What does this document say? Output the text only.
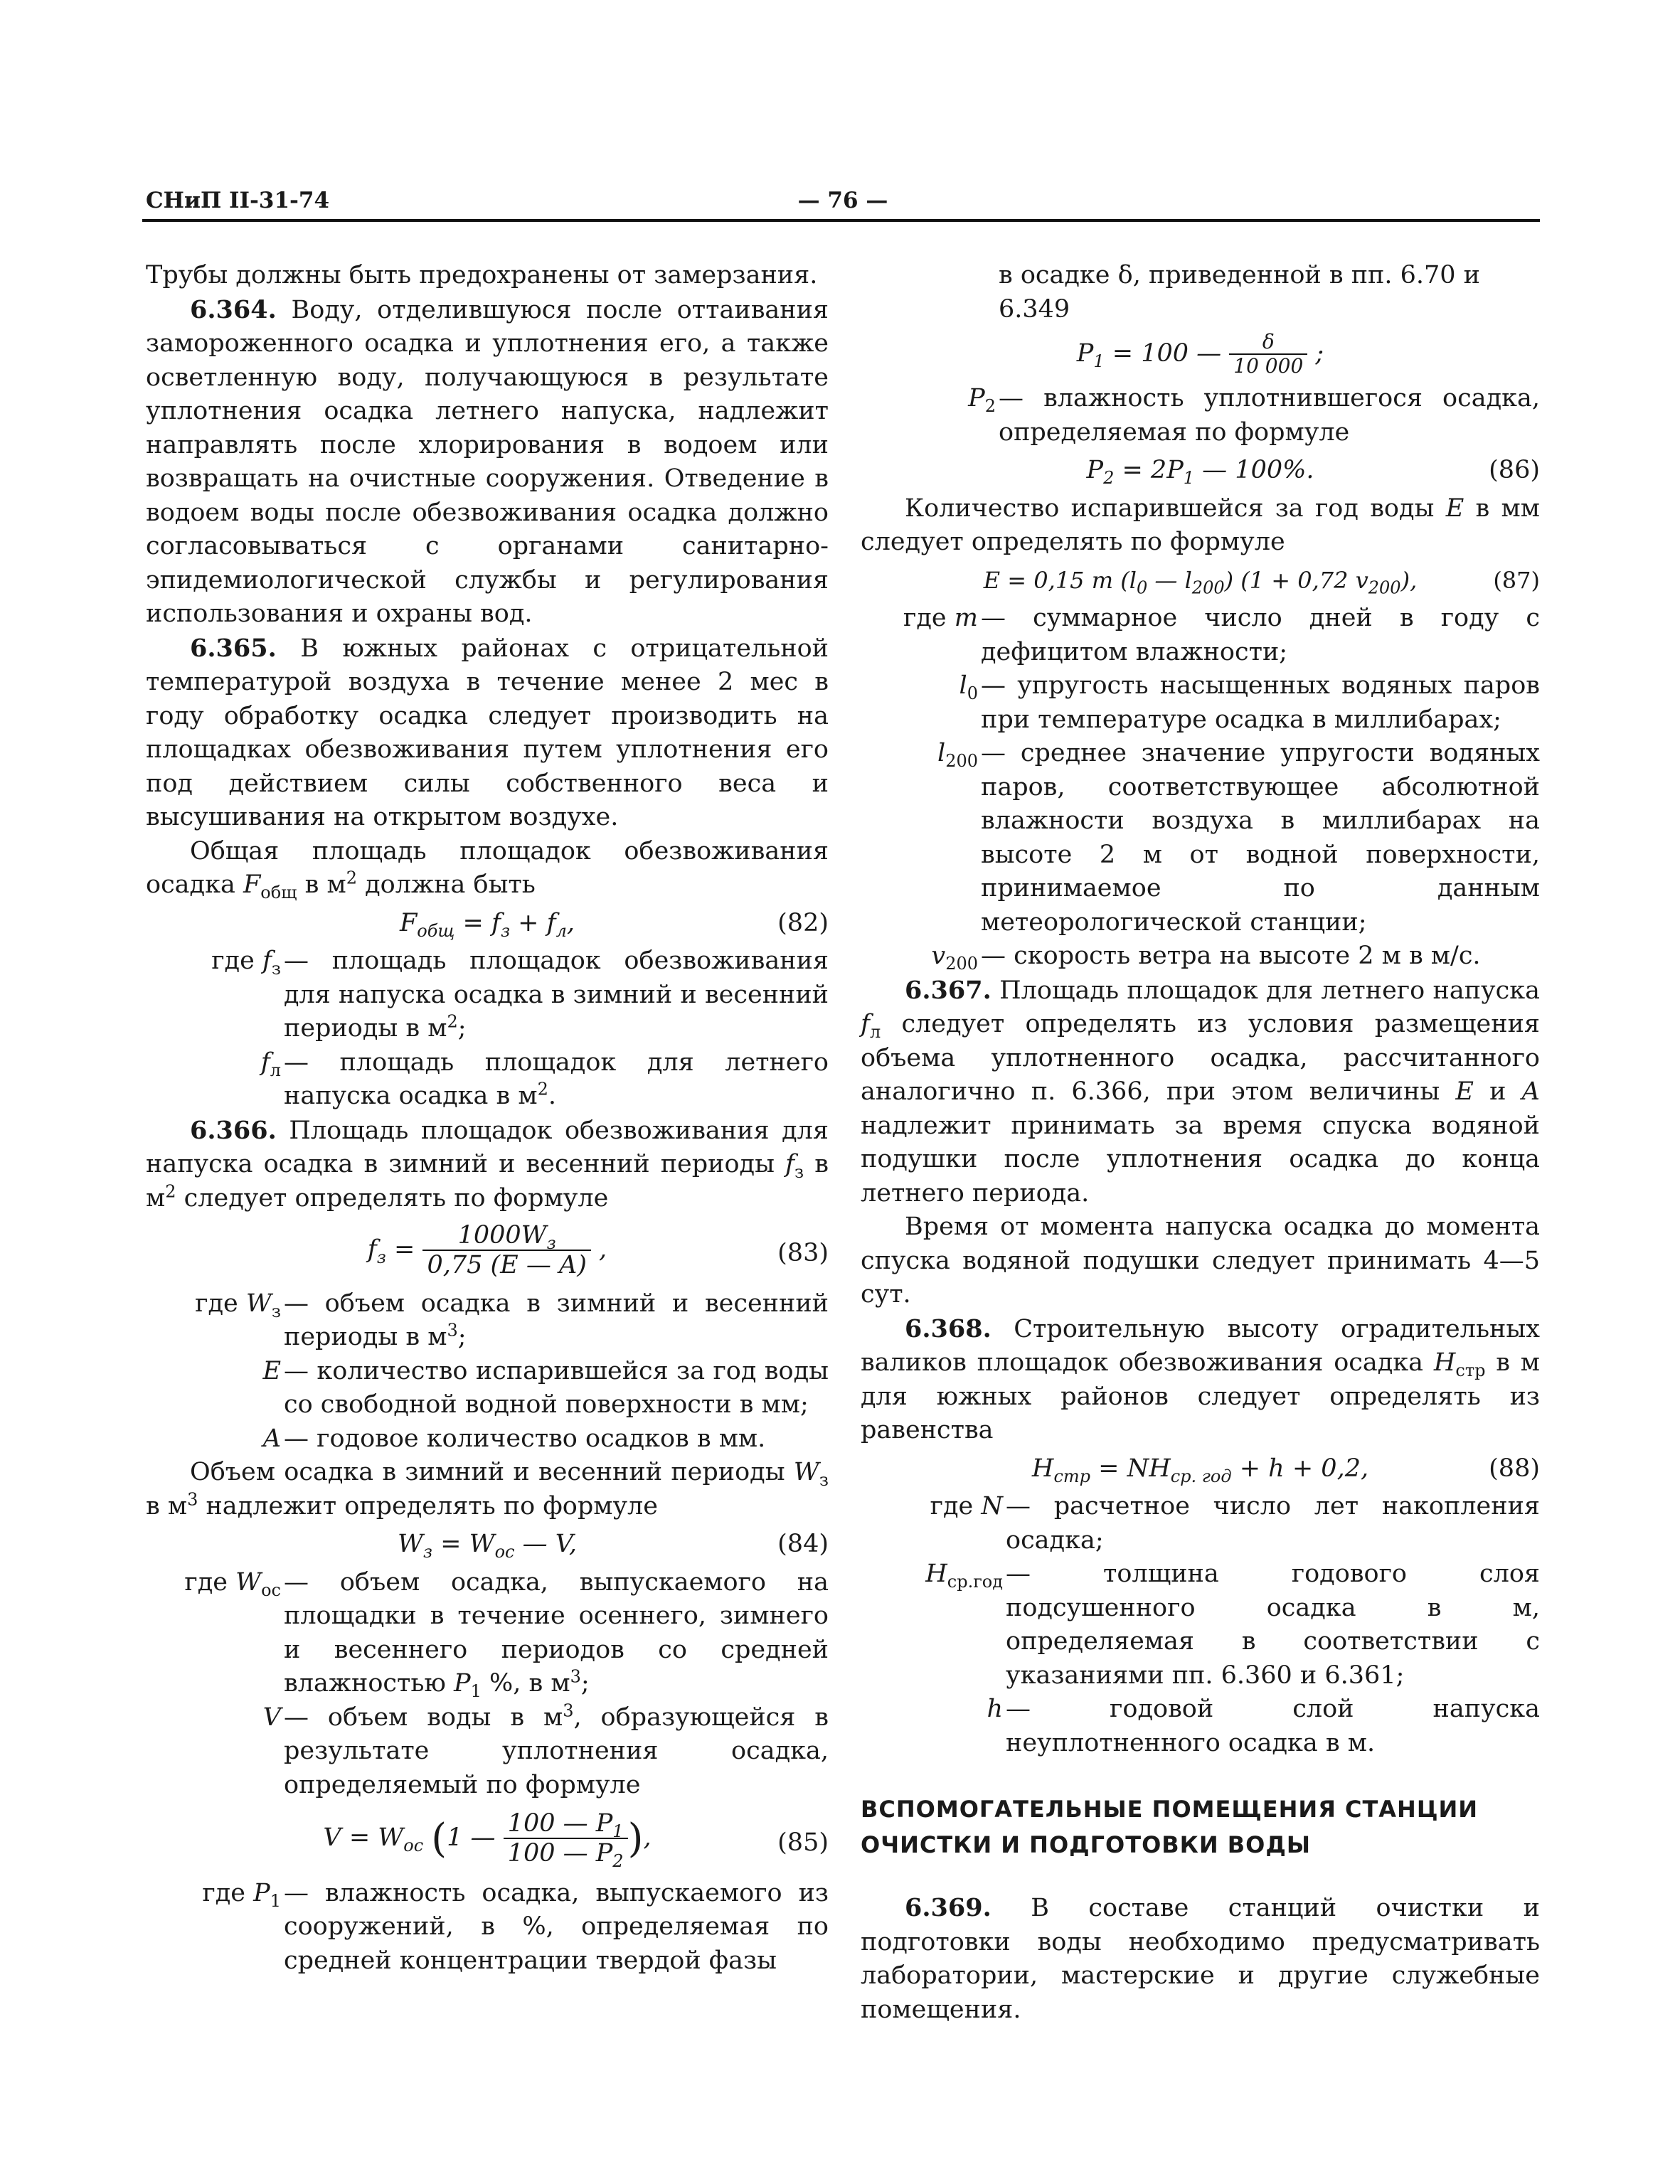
СНиП II-31-74	— 76 —

Трубы должны быть предохранены от замерзания.

6.364. Воду, отделившуюся после оттаивания замороженного осадка и уплотнения его, а также осветленную воду, получающуюся в результате уплотнения осадка летнего напуска, надлежит направлять после хлорирования в водоем или возвращать на очистные сооружения. Отведение в водоем воды после обезвоживания осадка должно согласовываться с органами санитарно-эпидемиологической службы и регулирования использования и охраны вод.

6.365. В южных районах с отрицательной температурой воздуха в течение менее 2 мес в году обработку осадка следует производить на площадках обезвоживания путем уплотнения его под действием силы собственного веса и высушивания на открытом воздухе.

Общая площадь площадок обезвоживания осадка $F_{общ}$ в $м^2$ должна быть

$F_{общ} = f_з + f_л$,	(82)
где $f_з$ — площадь площадок обезвоживания для напуска осадка в зимний и весенний периоды в $м^2$;
$f_л$ — площадь площадок для летнего напуска осадка в $м^2$.

6.366. Площадь площадок обезвоживания для напуска осадка в зимний и весенний периоды $f_з$ в $м^2$ следует определять по формуле

$f_з = \frac{1000W_з}{0,75 (E — A)}$ ,	(83)
где $W_з$ — объем осадка в зимний и весенний периоды в $м^3$;
E — количество испарившейся за год воды со свободной водной поверхности в мм;
A — годовое количество осадков в мм.

Объем осадка в зимний и весенний периоды $W_з$ в $м^3$ надлежит определять по формуле

$W_з = W_{ос}$ — V,	(84)
где $W_{ос}$ — объем осадка, выпускаемого на площадки в течение осеннего, зимнего и весеннего периодов со средней влажностью $P_1$ %, в $м^3$;
V — объем воды в $м^3$, образующейся в результате уплотнения осадка, определяемый по формуле
$V = W_{ос}$ (1 — $\frac{100 — P_1}{100 — P_2}$ ),	(85)
где $P_1$ — влажность осадка, выпускаемого из сооружений, в %, определяемая по средней концентрации твердой фазы
в осадке δ, приведенной в пп. 6.70 и 6.349
$P_1 = 100$ — $\frac{\delta}{10 000}$ ;
$P_2$ — влажность уплотнившегося осадка, определяемая по формуле
$P_2 = 2P_1$ — 100%.	(86)

Количество испарившейся за год воды E в мм следует определять по формуле

E = 0,15 m ($l_0$ — $l_{200}$) (1 + 0,72 $v_{200}$),	(87)
где m — суммарное число дней в году с дефицитом влажности;
$l_0$ — упругость насыщенных водяных паров при температуре осадка в миллибарах;
$l_{200}$ — среднее значение упругости водяных паров, соответствующее абсолютной влажности воздуха в миллибарах на высоте 2 м от водной поверхности, принимаемое по данным метеорологической станции;
$v_{200}$ — скорость ветра на высоте 2 м в м/с.

6.367. Площадь площадок для летнего напуска $f_л$ следует определять из условия размещения объема уплотненного осадка, рассчитанного аналогично п. 6.366, при этом величины E и A надлежит принимать за время спуска водяной подушки после уплотнения осадка до конца летнего периода.

Время от момента напуска осадка до момента спуска водяной подушки следует принимать 4—5 сут.

6.368. Строительную высоту оградительных валиков площадок обезвоживания осадка $H_{стр}$ в м для южных районов следует определять из равенства

$H_{стр} = NH_{ср. год} + h + 0,2$,	(88)
где N — расчетное число лет накопления осадка;
$H_{ср.год}$ — толщина годового слоя подсушенного осадка в м, определяемая в соответствии с указаниями пп. 6.360 и 6.361;
h — годовой слой напуска неуплотненного осадка в м.
ВСПОМОГАТЕЛЬНЫЕ ПОМЕЩЕНИЯ СТАНЦИИ ОЧИСТКИ И ПОДГОТОВКИ ВОДЫ

6.369. В составе станций очистки и подготовки воды необходимо предусматривать лаборатории, мастерские и другие служебные помещения.
